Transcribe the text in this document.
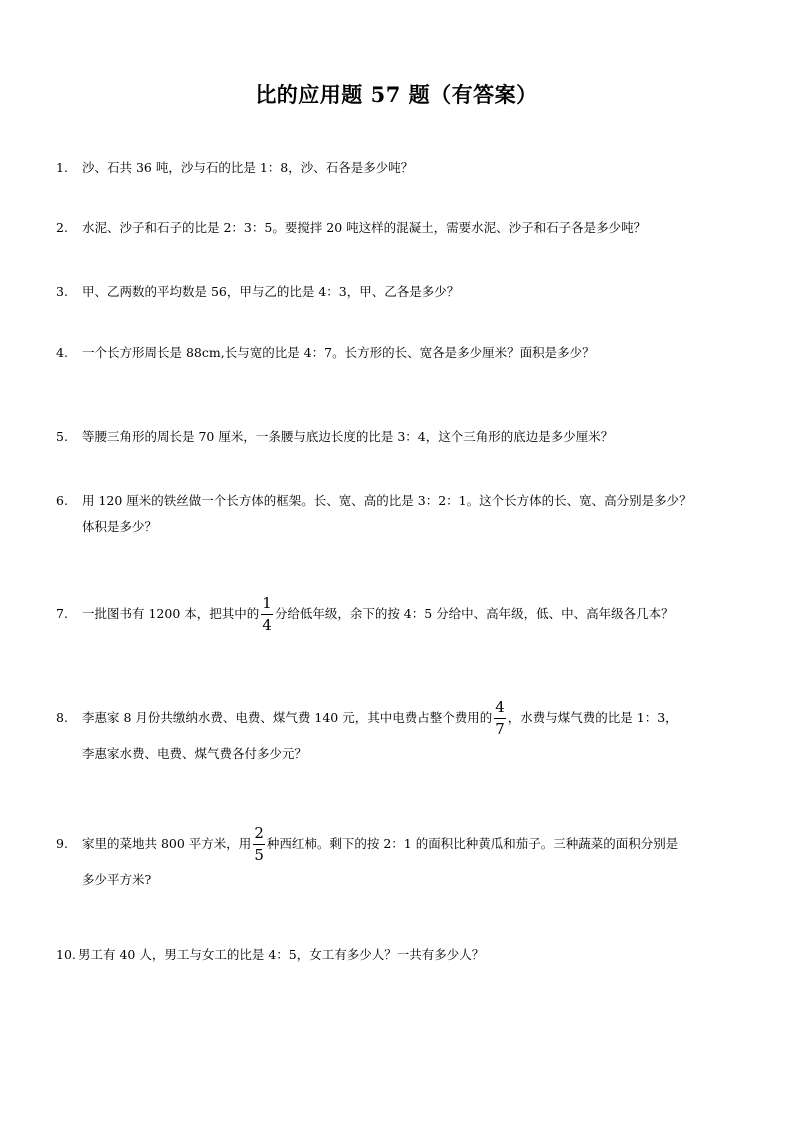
比的应用题 57 题（有答案）

1. 沙、石共 36 吨，沙与石的比是 1：8，沙、石各是多少吨？

2. 水泥、沙子和石子的比是 2：3：5。要搅拌 20 吨这样的混凝土，需要水泥、沙子和石子各是多少吨？

3. 甲、乙两数的平均数是 56，甲与乙的比是 4：3，甲、乙各是多少？

4. 一个长方形周长是 88cm,长与宽的比是 4：7。长方形的长、宽各是多少厘米？面积是多少？

5. 等腰三角形的周长是 70 厘米，一条腰与底边长度的比是 3：4，这个三角形的底边是多少厘米？

6. 用 120 厘米的铁丝做一个长方体的框架。长、宽、高的比是 3：2：1。这个长方体的长、宽、高分别是多少？
体积是多少？

7. 一批图书有 1200 本，把其中的 $\frac{1}{4}$ 分给低年级，余下的按 4：5 分给中、高年级，低、中、高年级各几本？

8. 李惠家 8 月份共缴纳水费、电费、煤气费 140 元，其中电费占整个费用的 $\frac{4}{7}$ ，水费与煤气费的比是 1：3，
李惠家水费、电费、煤气费各付多少元？

9. 家里的菜地共 800 平方米，用 $\frac{2}{5}$ 种西红柿。剩下的按 2：1 的面积比种黄瓜和茄子。三种蔬菜的面积分别是
多少平方米?

10. 男工有 40 人，男工与女工的比是 4：5，女工有多少人？一共有多少人？
